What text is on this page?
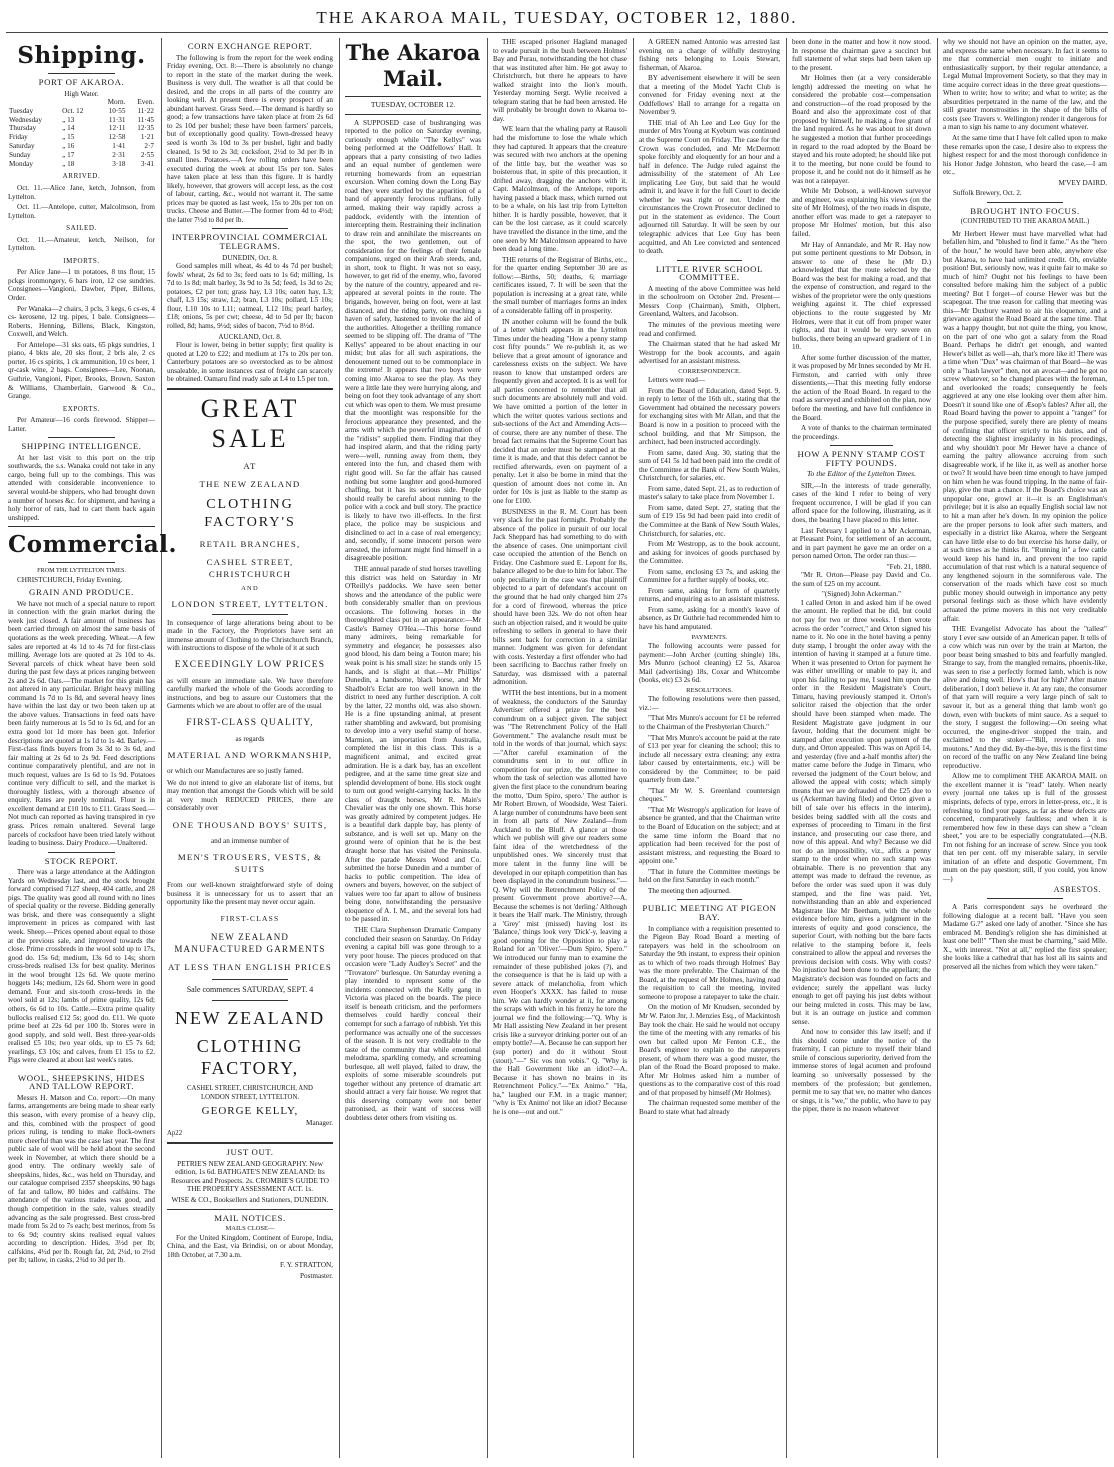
THE AKAROA MAIL, TUESDAY, OCTOBER 12, 1880.
Shipping.
PORT OF AKAROA.
High Water.
		Morn.	Even.
Tuesday	Oct. 12	10·55	11·22
Wednesday	„ 13	11·31	11·45
Thursday	„ 14	12·11	12·35
Friday	„ 15	12·58	1·21
Saturday	„ 16	1·41	2·7
Sunday	„ 17	2·31	2·55
Monday	„ 18	3·18	3·41
ARRIVED.

Oct. 11.—Alice Jane, ketch, Johnson, from Lyttelton.

Oct. 11.—Antelope, cutter, Malcolmson, from Lyttelton.

SAILED.

Oct. 11.—Amateur, ketch, Neilson, for Lyttelton.

IMPORTS.

Per Alice Jane—1 tn potatoes, 8 tns flour, 15 pckgs ironmongery, 6 bars iron, 12 cse sundries. Consignees—Vangioni, Dawber, Piper, Billens, Order.

Per Wanaka—2 chairs, 3 pcls, 3 kegs, 6 cs-es, 4 cs- kerosene, 12 trg. pipes, 1 bale. Consignees—Roberts, Henning, Billens, Black, Kingston, Coxwell, and Welch.

For Antelope—31 sks oats, 65 pkgs sundries, 1 piano, 4 bkts ale, 20 sks flour, 2 brls ale, 2 cs porter, 16 cs spirits, 1 ck ammunition, 10 cs beer, 1 qr-cask wine, 2 bags. Consignees—Lee, Noonan, Guthrie, Vangioni, Piper, Brooks, Brown, Saxton & Williams, Chamberlain, Garwood & Co., Grange.

EXPORTS.

Per Amateur—16 cords firewood. Shipper—Latter.

SHIPPING INTELLIGENCE.

At her last visit to this port on the trip southwards, the s.s. Wanaka could not take in any cargo, being full up to the combings. This was attended with considerable inconvenience to several would-be shippers, who had brought down a number of horses &c. for shipment, and having a holy horror of rats, had to cart them back again unshipped.

Commercial.
FROM THE LYTTELTON TIMES.

CHRISTCHURCH, Friday Evening.

GRAIN AND PRODUCE.

We have not much of a special nature to report in connection with the grain market during the week just closed. A fair amount of business has been carried through on almost the same basis of quotations as the week preceding. Wheat.—A few sales are reported at 4s 1d to 4s 7d for first-class milling. Average lots are quoted at 2s 10d to 4s. Several parcels of chick wheat have been sold during the past few days at prices ranging between 2s and 2s 6d. Oats.—The market for this grain has not altered in any particular. Bright heavy milling command 1s 7d to 1s 8d, and several heavy lines have within the last day or two been taken up at the above values. Transactions in feed oats have been fairly numerous at 1s 5d to 1s 6d, and for an extra good lot 1d more has been got. Inferior descriptions are quoted at 1s 1d to 1s 4d. Barley.—First-class finds buyers from 3s 3d to 3s 6d, and fair malting at 2s 6d to 2s 9d. Feed descriptions continue comparatively plentiful, and are not in much request, values are 1s 6d to 1s 9d. Potatoes continue very difficult to sell, and the market is thoroughly listless, with a thorough absence of enquiry. Rates are purely nominal. Flour is in excellent demand at £10 10s to £11. Grass Seed.—Not much can reported as having transpired in rye grass. Prices remain unaltered. Several large parcels of cocksfoot have been tried lately without leading to business. Dairy Produce.—Unaltered.

STOCK REPORT.

There was a large attendance at the Addington Yards on Wednesday last, and the stock brought forward comprised 7127 sheep, 404 cattle, and 28 pigs. The quality was good all round with no lines of special quality or the reverse. Bidding generally was brisk, and there was consequently a slight improvement in prices as compared with last week. Sheep.—Prices opened about equal to those at the previous sale, and improved towards the close. Prime crossbreds in the wool sold up to 17s, good do. 15s 6d; medium, 13s 6d to 14s; shorn cross-breds realised 13s for best quality. Merinos in the wool brought 12s 6d. We quote merino hoggets 14s; medium, 12s 6d. Shorn were in good demand. Four and six-tooth cross-breds in the wool sold at 12s; lambs of prime quality, 12s 6d; others, 6s 6d to 10s. Cattle.—Extra prime quality bullocks realised £12 5s; good do. £11. We quote prime beef at 22s 6d per 100 lb. Stores were in good supply, and sold well. Best three-year-olds realised £5 10s; two year olds, up to £5 7s 6d; yearlings, £3 10s; and calves, from £1 15s to £2. Pigs were cleared at about last week's rates.

WOOL, SHEEPSKINS, HIDES AND TALLOW REPORT.

Messrs H. Matson and Co. report:—On many farms, arrangements are being made to shear early this season, with every promise of a heavy clip, and this, combined with the prospect of good prices ruling, is tending to make flock-owners more cheerful than was the case last year. The first public sale of wool will be held about the second week in November, at which there should be a good entry. The ordinary weekly sale of sheepskins, hides, &c., was held on Thursday, and our catalogue comprised 2357 sheepskins, 90 bags of fat and tallow, 80 hides and calfskins. The attendance of the various trades was good, and though competition in the sale, values steadily advancing as the sale progressed. Best cross-bred made from 5s 2d to 7s each; best merinos, from 5s to 6s 9d; country skins realised equal values according to description. Hides, 3½d per lb; calfskins, 4½d per lb. Rough fat, 2d, 2¼d, to 2½d per lb; tallow, in casks, 2¾d to 3d per lb.

CORN EXCHANGE REPORT.

The following is from the report for the week ending Friday evening, Oct. 8:—There is absolutely no change to report in the state of the market during the week. Business is very dull. The weather is all that could be desired, and the crops in all parts of the country are looking well. At present there is every prospect of an abundant harvest. Grass Seed.—The demand is hardly so good; a few transactions have taken place at from 2s 6d to 2s 10d per bushel; these have been farmers' parcels, but of exceptionally good quality. Town-dressed heavy seed is worth 3s 10d to 3s per bushel, light and badly cleaned, 1s 9d to 2s 3d; cocksfoot, 2½d to 3d per lb in small lines. Potatoes.—A few rolling orders have been executed during the week at about 15s per ton. Sales have taken place at less than this figure. It is hardly likely, however, that growers will accept less, as the cost of labour, carting, &c., would not warrant it. The same prices may be quoted as last week, 15s to 20s per ton on trucks. Cheese and Butter.—The former from 4d to 4½d; the latter 7½d to 8d per lb.

INTERPROVINCIAL COMMERCIAL TELEGRAMS.
DUNEDIN, Oct. 8.

Good samples mill wheat, 4s 4d to 4s 7d per bushel; fowls' wheat, 2s 6d to 3s; feed oats to 1s 6d; milling, 1s 7d to 1s 8d; malt barley, 3s 9d to 3s 5d; feed, 1s 3d to 2s; potatoes, £2 per ton; grass hay, L3 10s; oaten hay, L3; chaff, L3 15s; straw, L2; bran, L3 10s; pollard, L5 10s; flour, L10 10s to L11; oatmeal, L12 10s; pearl barley, £18; onions, 5s per cwt; cheese, 4d to 5d per lb; bacon rolled, 8d; hams, 9½d; sides of bacon, 7½d to 8½d.

AUCKLAND, Oct. 8.

Flour is lower, being in better supply; first quality is quoted at L20 to £22; and medium at 17s to 20s per ton. Canterbury potatoes are so overstocked as to be almost unsaleable, in some instances cast of freight can scarcely be obtained. Oamaru find ready sale at L4 to L5 per ton.

GREAT SALE
AT
THE NEW ZEALAND
CLOTHING FACTORY'S
RETAIL BRANCHES,
CASHEL STREET, CHRISTCHURCH
AND
LONDON STREET, LYTTELTON.
In consequence of large alterations being about to be made in the Factory, the Proprietors have sent an immense amount of Clothing to the Christchurch Branch, with instructions to dispose of the whole of it at such
EXCEEDINGLY LOW PRICES
as will ensure an immediate sale. We have therefore carefully marked the whole of the Goods according to instructions, and beg to assure our Customers that the Garments which we are about to offer are of the usual
FIRST-CLASS QUALITY,
as regards
MATERIAL AND WORKMANSHIP,
or which our Manufactures are so justly famed.
We do not intend to give an elaborate list of items, but may mention that amongst the Goods which will be sold at very much REDUCED PRICES, there are considerably over
ONE THOUSAND BOYS' SUITS,
and an immense number of
MEN'S TROUSERS, VESTS, & SUITS
From our well-known straightforward style of doing business it is unnecessary for us to assert that an opportunity like the present may never occur again.
FIRST-CLASS
NEW ZEALAND MANUFACTURED GARMENTS
AT LESS THAN ENGLISH PRICES
Sale commences SATURDAY, SEPT. 4
NEW ZEALAND
CLOTHING FACTORY,
CASHEL STREET, CHRISTCHURCH, AND LONDON STREET, LYTTELTON.
GEORGE KELLY,
Manager.
Ap22
JUST OUT.
PETRIE'S NEW ZEALAND GEOGRAPHY. New edition, 1s 6d. BATHGATE'S NEW ZEALAND: Its Resources and Prospects. 2s. CROMBIE'S GUIDE TO THE PROPERTY ASSESSMENT ACT. 1s.
WISE & CO., Booksellers and Stationers, DUNEDIN.
MAIL NOTICES.
MAILS CLOSE—

For the United Kingdom, Continent of Europe, India, China, and the East, via Brindisi, on or about Monday, 18th October, at 7.30 a.m.

F. Y. STRATTON,
Postmaster.
The Akaroa Mail.
TUESDAY, OCTOBER 12.

A SUPPOSED case of bushranging was reported to the police on Saturday evening, curiously enough while "The Kellys" was being performed at the Oddfellows' Hall. It appears that a party consisting of two ladies and an equal number of gentlemen were returning homewards from an equestrian excursion. When coming down the Long Bay road they were startled by the apparition of a band of apparently ferocious ruffians, fully armed, making their way rapidly across a paddock, evidently with the intention of intercepting them. Restraining their inclination to draw rein and annihilate the miscreants on the spot, the two gentlemen, out of consideration for the feelings of their female companions, urged on their Arab steeds, and, in short, took to flight. It was not so easy, however, to get rid of the enemy, who, favored by the nature of the country, appeared and re-appeared at several points in the route. The brigands, however, being on foot, were at last distanced, and the riding party, on reaching a haven of safety, hastened to invoke the aid of the authorities. Altogether a thrilling romance seemed to be slipping off. The drama of "The Kellys" appeared to be about enacting in our midst; but alas for all such aspirations, the denouement turned out to be commonplace in the extreme! It appears that two boys were coming into Akaroa to see the play. As they were a little late they were hurrying along, and being on foot they took advantage of any short cut which was open to them. We must presume that the moonlight was responsible for the ferocious appearance they presented, and the arms with which the powerful imagination of the "ridists" supplied them. Finding that they had inspired alarm, and that the riding party were—well, running away from them, they entered into the fun, and chased them with right good will. So far the affair has caused nothing but some laughter and good-humored chaffing, but it has its serious side. People should really be careful about running to the police with a cock and bull story. The practice is likely to have two ill-effects. In the first place, the police may be suspicious and disinclined to act in a case of real emergency; and, secondly, if some innocent person were arrested, the informant might find himself in a disagreeable position.

THE annual parade of stud horses travelling this district was held on Saturday in Mr O'Reilly's paddocks. We have seen better shows and the attendance of the public were both considerably smaller than on previous occasions. The following horses in the thoroughbred class put in an appearance:—Mr Castle's Barney O'Hea.—This horse found many admirers, being remarkable for symmetry and elegance; he possesses also good blood, his dam being a Touton mare; his weak point is his small size: he stands only 15 hands, and is slight at that.—Mr Phillips' Dunedin, a handsome, black horse, and Mr Shadbolt's Eclat are too well known in the district to need any further description. A colt by the latter, 22 months old, was also shown. He is a fine upstanding animal, at present rather shambling and awkward, but promising to develop into a very useful stamp of horse. Marmion, an importation from Australia, completed the list in this class. This is a magnificent animal, and excited great admiration. He is a dark bay, has an excellent pedigree, and at the same time great size and splendid development of bone. His stock ought to turn out good weight-carrying hacks. In the class of draught horses, Mr R. Main's Chevalier was the only one shown. This horse was greatly admired by competent judges. He is a beautiful dark dapple bay, has plenty of substance, and is well set up. Many on the ground were of opinion that he is the best draught horse that has visited the Peninsula. After the parade Messrs Wood and Co. submitted the horse Dunedin and a number of hacks to public competition. The idea of owners and buyers, however, on the subject of values were too far apart to allow of business being done, notwithstanding the persuasive eloquence of A. I. M., and the several lots had to be passed in.

THE Clara Stephenson Dramatic Company concluded their season on Saturday. On Friday evening a capital bill was gone through to a very poor house. The pieces produced on that occasion were "Lady Audley's Secret" and the "Trovatore" burlesque. On Saturday evening a play intended to represent some of the incidents connected with the Kelly gang in Victoria was placed on the boards. The piece itself is beneath criticism, and the performers themselves could hardly conceal their contempt for such a farrago of rubbish. Yet this performance was actually one of the successes of the season. It is not very creditable to the taste of the community that while emotional melodrama, sparkling comedy, and screaming burlesque, all well played, failed to draw, the exploits of some miserable scoundrels put together without any pretence of dramatic art should attract a very fair house. We regret that this deserving company were not better patronised, as their want of success will doubtless deter others from visiting us.

THE escaped prisoner Hagland managed to evade pursuit in the bush between Holmes' Bay and Purau, notwithstanding the hot chase that was instituted after him. He got away to Christchurch, but there he appears to have walked straight into the lion's mouth. Yesterday morning Sergt. Wylie received a telegram stating that he had been arrested. He will probably be brought down to Akaroa to-day.

WE learn that the whaling party at Rausoli had the misfortune to lose the whale which they had captured. It appears that the creature was secured with two anchors at the opening of the little bay, but the weather was so boisterous that, in spite of this precaution, it drifted away, dragging the anchors with it. Capt. Malcolmson, of the Antelope, reports having passed a black mass, which turned out to be a whale, on his last trip from Lyttelton hither. It is hardly possible, however, that it can be the lost carcase, as it could scarcely have travelled the distance in the time, and the one seen by Mr Malcolmson appeared to have been dead a long time.

THE returns of the Registrar of Births, etc., for the quarter ending September 30 are as follow:—Births, 50; deaths, 6; marriage certificates issued, 7. It will be seen that the population is increasing at a great rate, while the small number of marriages forms an index of a considerable falling off in prosperity.

IN another column will be found the bulk of a letter which appears in the Lyttelton Times under the heading "How a penny stamp cost fifty pounds." We re-publish it, as we believe that a great amount of ignorance and carelessness exists on the subject. We have reason to know that unstamped orders are frequently given and accepted. It is as well for all parties concerned to remember that all such documents are absolutely null and void. We have omitted a portion of the letter in which the writer quotes various sections and sub-sections of the Act and Amending Acts—of course, there are any number of these. The broad fact remains that the Supreme Court has decided that an order must be stamped at the time it is made, and that this defect cannot be rectified afterwards, even on payment of a penalty. Let it also be borne in mind that the question of amount does not come in. An order for 10s is just as liable to the stamp as one for £100.

BUSINESS in the R. M. Court has been very slack for the past fortnight. Probably the absence of the police in pursuit of our local Jack Sheppard has had something to do with the absence of cases. One unimportant civil case occupied the attention of the Bench on Friday. One Cashmore sued E. Lepont for 8s, balance alleged to be due to him for labor. The only peculiarity in the case was that plaintiff objected to a part of defendant's account on the ground that he had only charged him 27s for a cord of firewood, whereas the price should have been 32s. We do not often hear such an objection raised, and it would be quite refreshing to sellers in general to have their bills sent back for correction in a similar manner. Judgment was given for defendant with costs. Yesterday a first offender who had been sacrificing to Bacchus rather freely on Saturday, was dismissed with a paternal admonition.

WITH the best intentions, but in a moment of weakness, the conductors of the Saturday Advertiser offered a prize for the best conundrum on a subject given. The subject was "The Retrenchment Policy of the Hall Government." The avalanche result must be told in the words of that journal, which says:—"After careful examination of the conundrums sent in to our office in competition for our prize, the committee to whom the task of selection was allotted have given the first place to the conundrum bearing the motto, 'Dum Spiro, spero.' The author is Mr Robert Brown, of Woodside, West Taieri. A large number of conundrums have been sent in from all parts of New Zealand—from Auckland to the Bluff. A glance at those which we publish will give our readers some faint idea of the wretchedness of the unpublished ones. We sincerely trust that more talent in the funny line will be developed in our epitaph competition than has been displayed in the conundrum business."—Q. Why will the Retrenchment Policy of the present Government prove abortive?—A. Because the schemes is not 'derling.' Although it bears the 'Hall' mark. The Ministry, through a 'Grey' mist (missed) having lost its 'Balance,' things look very 'Dick'-y, leaving a good opening for the Opposition to play a Roland for an 'Oliver.'—Dum Spiro, Spero." We introduced our funny man to examine the remainder of these published jokes (?), and the consequence is that he is laid up with a severe attack of melancholia, from which even Hooper's XXXX. has failed to rouse him. We can hardly wonder at it, for among the scraps with which in his frenzy he tore the journal we find the following:—"Q. Why is Mr Hall assisting New Zealand in her present crisis like a surveyor drinking porter out of an empty bottle?—A. Because he can support her (sup porter) and do it without Stout (stout)."—" Sic vos non vobis." Q. "Why is the Hall Government like an idiot?—A. Because it has shown no brains in its Retrenchment Policy."—"Ex Animo." "Ha, ha," laughed our F.M. in a tragic manner; "why is 'Ex Animo' not like an idiot? Because he is one—out and out."

A GREEN named Antonio was arrested last evening on a charge of wilfully destroying fishing nets belonging to Louis Stewart, fisherman, of Akaroa.

BY advertisement elsewhere it will be seen that a meeting of the Model Yacht Club is convened for Friday evening next at the Oddfellows' Hall to arrange for a regatta on November 9.

THE trial of Ah Lee and Lee Guy for the murder of Mrs Young at Kyeburn was continued at the Supreme Court on Friday. The case for the Crown was concluded, and Mr McDermott spoke forcibly and eloquently for an hour and a half in defence. The Judge ruled against the admissibility of the statement of Ah Lee implicating Lee Guy, but said that he would admit it, and leave it for the full Court to decide whether he was right or not. Under the circumstances the Crown Prosecutor declined to put in the statement as evidence. The Court adjourned till Saturday. It will be seen by our telegraphic advices that Lee Guy has been acquitted, and Ah Lee convicted and sentenced to death.

LITTLE RIVER SCHOOL COMMITTEE.

A meeting of the above Committee was held in the schoolroom on October 2nd. Present—Messrs Coop (Chairman), Smith, Olphert, Greenland, Walters, and Jacobson.

The minutes of the previous meeting were read and confirmed.

The Chairman stated that he had asked Mr Westropp for the book accounts, and again advertised for an assistant mistress.

CORRESPONDENCE.

Letters were read—

From the Board of Education, dated Sept. 9, in reply to letter of the 16th ult., stating that the Government had obtained the necessary powers for exchanging sites with Mr Allan, and that the Board is now in a position to proceed with the school building, and that Mr Simpson, the architect, had been instructed accordingly.

From same, dated Aug. 30, stating that the sum of £41 5s 1d had been paid into the credit of the Committee at the Bank of New South Wales, Christchurch, for salaries, etc.

From same, dated Sept. 21, as to reduction of master's salary to take place from November 1.

From same, dated Sept. 27, stating that the sum of £19 15s 9d had been paid into credit of the Committee at the Bank of New South Wales, Christchurch, for salaries, etc.

From Mr Westropp, as to the book account, and asking for invoices of goods purchased by the Committee.

From same, enclosing £3 7s, and asking the Committee for a further supply of books, etc.

From same, asking for form of quarterly returns, and enquiring as to an assistant mistress.

From same, asking for a month's leave of absence, as Dr Guthrie had recommended him to have his hand amputated.

PAYMENTS.

The following accounts were passed for payment:—John Archer (cutting shingle) 18s, Mrs Munro (school cleaning) £2 5s, Akaroa Mail (advertising) 18s, Coxar and Whitcombe (books, etc) £3 2s 6d.

RESOLUTIONS.

The following resolutions were then passed, viz.:—

"That Mrs Munro's account for £1 be referred to the Chairman of the Presbyterian Church."

"That Mrs Munro's account be paid at the rate of £13 per year for cleaning the school; this to include all necessary extra cleaning; any extra labor caused by entertainments, etc.) will be considered by the Committee; to be paid quarterly from date."

"That Mr W. S. Greenland countersign cheques."

"That Mr Westropp's application for leave of absence be granted, and that the Chairman write to the Board of Education on the subject; and at the same time inform the Board that no application had been received for the post of assistant mistress, and requesting the Board to appoint one."

"That in future the Committee meetings be held on the first Saturday in each month."

The meeting then adjourned.

PUBLIC MEETING AT PIGEON BAY.

In compliance with a requisition presented to the Pigeon Bay Road Board a meeting of ratepayers was held in the schoolroom on Saturday the 9th instant, to express their opinion as to which of two roads through Holmes' Bay was the more preferable. The Chairman of the Board, at the request of Mr Holmes, having read the requisition to call the meeting, invited someone to propose a ratepayer to take the chair.

On the motion of Mr Knudsen, seconded by Mr W. Paton Jnr, J. Menzies Esq., of Mackintosh Bay took the chair. He said he would not occupy the time of the meeting with any remarks of his own but called upon Mr Fenton C.E., the Board's engineer to explain to the ratepayers present, of whom there was a good muster, the plan of the Road the Board proposed to make. After Mr Holmes asked him a number of questions as to the comparative cost of this road and of that proposed by himself (Mr Holmes).

The chairman requested some member of the Board to state what had already

been done in the matter and how it now stood. In response the chairman gave a succinct but full statement of what steps had been taken up to the present.

Mr Holmes then (at a very considerable length) addressed the meeting on what he considered the probable cost—compensation and construction—of the road proposed by the Board and also the approximate cost of that proposed by himself, he making a free grant of the land required. As he was about to sit down he suggested a motion that further proceedings in regard to the road adopted by the Board be stayed and his route adopted; he should like put it to the meeting, but none could be found to propose it, and he could not do it himself as he was not a ratepayer.

While Mr Dobson, a well-known surveyor and engineer, was explaining his views (on the site of Mr Holmes), of the two roads in dispute, another effort was made to get a ratepayer to propose Mr Holmes' motion, but this also failed.

Mr Hay of Annandale, and Mr R. Hay now put some pertinent questions to Mr Dobson, in answer to one of these he (Mr D.) acknowledged that the route selected by the Board was the best for making a road, and that the expense of construction, and regard to the wishes of the proprietor were the only questions weighing against it. The chief expressed objections to the route suggested by Mr Holmes, were that it cut off from proper water rights, and that it would be very severe on bullocks, there being an upward gradient of 1 in 10.

After some further discussion of the matter, it was proposed by Mr Innes seconded by Mr H. Firmston, and carried with only three dissentients,—That this meeting fully endorse the action of the Road Board. In regard to the road as surveyed and exhibited on the plan, now before the meeting, and have full confidence in the Board.

A vote of thanks to the chairman terminated the proceedings.

HOW A PENNY STAMP COST FIFTY POUNDS.
To the Editor of the Lyttelton Times.

SIR,—In the interests of trade generally, cases of the kind I refer to being of very frequent occurrence, I will be glad if you can afford space for the following, illustrating, as it does, the bearing I have placed to this letter.

Last February I applied to a Mr Ackerman, at Pleasant Point, for settlement of an account, and in part payment he gave me an order on a person named Orton. The order ran thus:—

"Feb. 21, 1880.

"Mr R. Orton—Please pay David and Co. the sum of £25 on my account.

"(Signed) John Ackerman."

I called Orton in and asked him if he owed the amount. He replied that he did, but could not pay for two or three weeks. I then wrote across the order "correct," and Orton signed his name to it. No one in the hotel having a penny duty stamp, I brought the order away with the intention of having it stamped at a future time. When it was presented to Orton for payment he was either unwilling or unable to pay it, and upon his failing to pay me, I sued him upon the order in the Resident Magistrate's Court, Timaru, having previously stamped it. Orton's solicitor raised the objection that the order should have been stamped when made. The Resident Magistrate gave judgment in our favour, holding that the document might be stamped after execution upon payment of the duty, and Orton appealed. This was on April 14, and yesterday (five and a-half months after) the matter came before the Judge in Timaru, who reversed the judgment of the Court below, and allowed the appeal with costs; which simply means that we are defrauded of the £25 due to us (Ackerman having filed) and Orton given a bill of sale over his effects in the interim), besides being saddled with all the costs and expenses of proceeding to Timaru in the first instance, and prosecuting our case there, and now of this appeal. And why? Because we did not do an impossibility, viz., affix a penny stamp to the order when no such stamp was obtainable. There is no prevention that any attempt was made to defraud the revenue, as before the order was sued upon it was duly stamped, and the fine was paid. Yet, notwithstanding than an able and experienced Magistrate like Mr Beetham, with the whole evidence before him, gives a judgment in the interests of equity and good conscience, the superior Court, with nothing but the bare facts relative to the stamping before it, feels constrained to allow the appeal and reverses the previous decision with costs. Why with costs? No injustice had been done to the appellant; the Magistrate's decision was founded on facts and evidence; surely the appellant was lucky enough to get off paying his just debts without our being mulcted in costs. This may be law, but it is an outrage on justice and common sense.

And now to consider this law itself; and if this should come under the notice of the fraternity, I can picture to myself their bland smile of conscious superiority, derived from the immense stores of legal acumen and profound learning so universally possessed by the members of the profession; but gentlemen, permit me to say that we, no matter who dances or sings, it is "we," the public, who have to pay the piper, there is no reason whatever

why we should not have an opinion on the matter, aye, and express the same when necessary. In fact it seems to me that commercial men ought to initiate and enthusiastically support, by their regular attendance, a Legal Mutual Improvement Society, so that they may in time acquire correct ideas in the three great questions—When to write; how to write; and what to write; as the absurdities perpetrated in the name of the law, and the still greater monstrosities in the shape of the bills of costs (see Travers v. Wellington) render it dangerous for a man to sign his name to any document whatever.

At the same time that I have felt called upon to make these remarks upon the case, I desire also to express the highest respect for and the most thorough confidence in his Honor Judge Johnston, who heard the case,—I am etc.,

M'VEY DAIRD.
Suffolk Brewery, Oct. 2.
BROUGHT INTO FOCUS.
(CONTRIBUTED TO THE AKAROA MAIL.)

Mr Herbert Hewer must have marvelled what had befallen him, and "blushed to find it fame." As the "hero of the hour," he would have been able, anywhere else but Akaroa, to have had unlimited credit. Oh, enviable position! But, seriously now, was it quite fair to make so much of him? Ought not his feelings to have been consulted before making him the subject of a public meeting? But I forget—of course Hewer was but the scapegoat. The true reason for calling that meeting was this—Mr Duxbury wanted to air his eloquence, and a grievance against the Road Board at the same time. That was a happy thought, but not quite the thing, you know, on the part of one who got a salary from the Road Board. Perhaps he didn't get enough, and wanted Hewer's billet as well—ah, that's more like it! There was a time when "Dux" was chairman of that Board—he was only a "hash lawyer" then, not an avocat—and he got no screw whatever, so he changed places with the foreman, and overlooked the roads; consequently he feels aggrieved at any one else looking over them after him. Doesn't it sound like one of Æsop's fables? After all, the Road Board having the power to appoint a "ranger" for the purpose specified, surely there are plenty of means of confining that officer strictly to his duties, and of detecting the slightest irregularity in his proceedings, and why shouldn't poor Mr Hewer have a chance of earning the paltry allowance accruing from such disagreeable work, if he like it, as well as another horse or two? It would have been time enough to have jumped on him when he was found tripping. In the name of fair-play, give the man a chance. If the Board's choice was an unpopular one, growl at it—it is an Englishman's privilege; but it is also an equally English social law not to hit a man after he's down. In my opinion the police are the proper persons to look after such matters, and especially in a district like Akaroa, where the Sergeant can have little else to do but exercise his horse daily, or at such times as he thinks fit. "Running in" a few cattle would keep his hand in, and prevent the too rapid accumulation of that rust which is a natural sequence of any lengthened sojourn in the somniferous vale. The conservation of the roads which have cost so much public money should outweigh in importance any petty personal feelings such as those which have evidently actuated the prime movers in this not very creditable affair.

THE Evangelist Advocate has about the "tallest" story I ever saw outside of an American paper. It tells of a cow which was run over by the train at Marton, the poor beast being smashed to bits and fearfully mangled. Strange to say, from the mangled remains, phoenix-like, was seen to rise a perfectly formed lamb, which is now alive and doing well. How's that for high? After mature deliberation, I don't believe it. At any rate, the consumer of that yarn will require a very large pinch of salt to savour it, but as a general thing that lamb won't go down, even with buckets of mint sauce. As a sequel to the story, I suggest the following:—On seeing what occurred, the engine-driver stopped the train, and exclaimed to the stoker—"Bill, revenons à nos moutons." And they did. By-the-bye, this is the first time on record of the traffic on any New Zealand line being reproductive.

Allow me to compliment THE AKAROA MAIL on the excellent manner it is "read" lately. When nearly every journal one takes up is full of the grossest misprints, defects of type, errors in letter-press, etc., it is refreshing to find your pages, as far as these defects are concerned, comparatively faultless; and when it is remembered how few in these days can shew a "clean sheet," you are to be especially congratulated.—(N.B. I'm not fishing for an increase of screw. Since you took that ten per cent. off my miserable salary, in servile imitation of an effete and despotic Government, I'm mum on the pay question; still, if you could, you know—)

ASBESTOS.

A Paris correspondent says he overheard the following dialogue at a recent ball. "Have you seen Madame G.?" asked one lady of another. "Since she has embraced M. Bending's religion she has diminished at least one bell!" "Then she must be charming," said Mlle. X., with interest. "Not at all," replied the first speaker; she looks like a cathedral that has lost all its saints and preserved all the niches from which they were taken."
